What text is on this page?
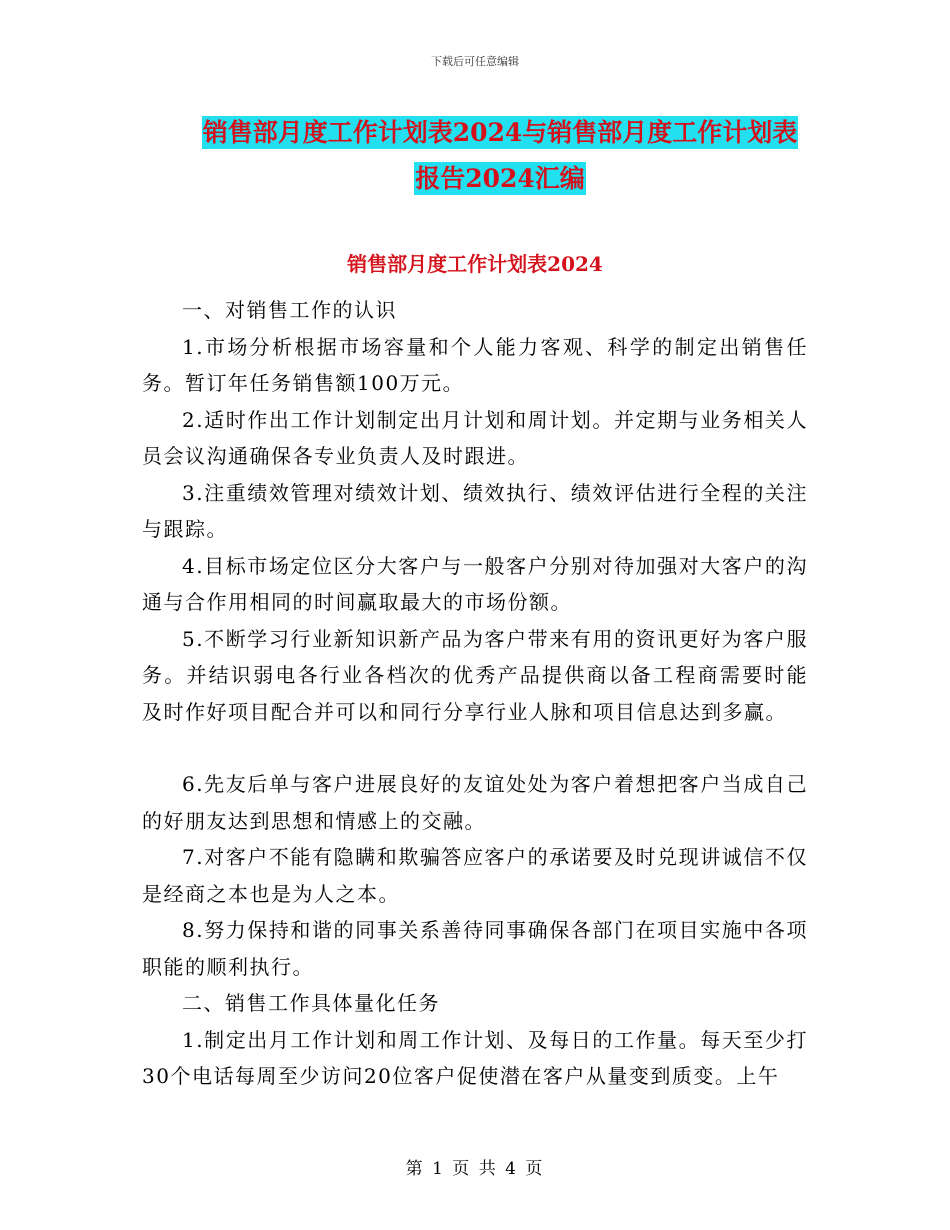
下载后可任意编辑
销售部月度工作计划表2024与销售部月度工作计划表
报告2024汇编
销售部月度工作计划表2024

一、对销售工作的认识

1.市场分析根据市场容量和个人能力客观、科学的制定出销售任务。暂订年任务销售额100万元。

2.适时作出工作计划制定出月计划和周计划。并定期与业务相关人员会议沟通确保各专业负责人及时跟进。

3.注重绩效管理对绩效计划、绩效执行、绩效评估进行全程的关注与跟踪。

4.目标市场定位区分大客户与一般客户分别对待加强对大客户的沟通与合作用相同的时间赢取最大的市场份额。

5.不断学习行业新知识新产品为客户带来有用的资讯更好为客户服务。并结识弱电各行业各档次的优秀产品提供商以备工程商需要时能及时作好项目配合并可以和同行分享行业人脉和项目信息达到多赢。

6.先友后单与客户进展良好的友谊处处为客户着想把客户当成自己的好朋友达到思想和情感上的交融。

7.对客户不能有隐瞒和欺骗答应客户的承诺要及时兑现讲诚信不仅是经商之本也是为人之本。

8.努力保持和谐的同事关系善待同事确保各部门在项目实施中各项职能的顺利执行。

二、销售工作具体量化任务

1.制定出月工作计划和周工作计划、及每日的工作量。每天至少打30个电话每周至少访问20位客户促使潜在客户从量变到质变。上午

第 1 页 共 4 页
